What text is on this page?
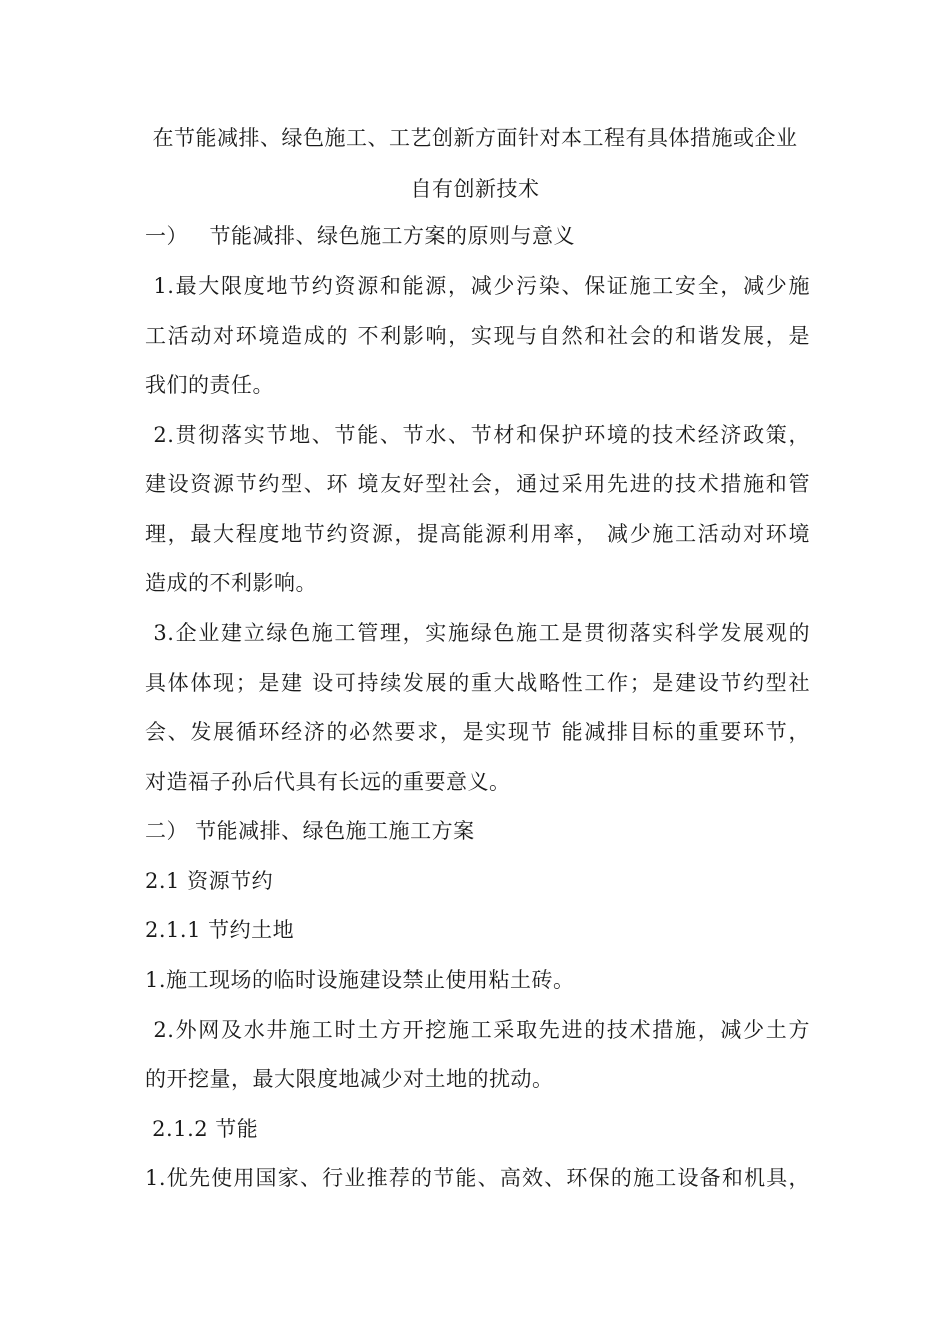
在节能减排、绿色施工、工艺创新方面针对本工程有具体措施或企业
自有创新技术
一）   节能减排、绿色施工方案的原则与意义
1.最大限度地节约资源和能源，减少污染、保证施工安全，减少施
工活动对环境造成的 不利影响，实现与自然和社会的和谐发展，是
我们的责任。
2.贯彻落实节地、节能、节水、节材和保护环境的技术经济政策，
建设资源节约型、环 境友好型社会，通过采用先进的技术措施和管
理，最大程度地节约资源，提高能源利用率， 减少施工活动对环境
造成的不利影响。
3.企业建立绿色施工管理，实施绿色施工是贯彻落实科学发展观的
具体体现；是建 设可持续发展的重大战略性工作；是建设节约型社
会、发展循环经济的必然要求，是实现节 能减排目标的重要环节，
对造福子孙后代具有长远的重要意义。
二） 节能减排、绿色施工施工方案
2.1 资源节约
2.1.1 节约土地
1.施工现场的临时设施建设禁止使用粘土砖。
2.外网及水井施工时土方开挖施工采取先进的技术措施，减少土方
的开挖量，最大限度地减少对土地的扰动。
2.1.2 节能
1.优先使用国家、行业推荐的节能、高效、环保的施工设备和机具，
